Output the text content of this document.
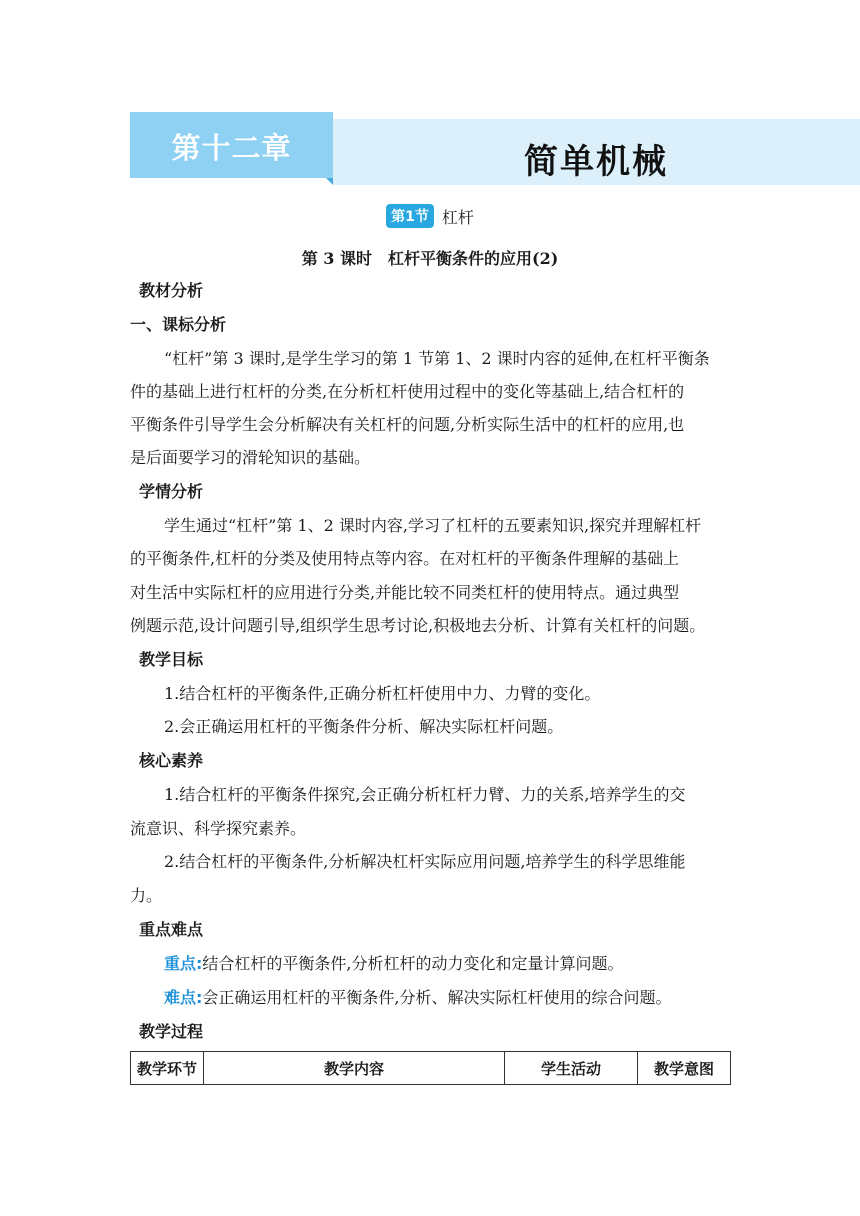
第十二章	简单机械
第1节 杠杆
第 3 课时　杠杆平衡条件的应用(2)
教材分析
一、课标分析
“杠杆”第 3 课时,是学生学习的第 1 节第 1、2 课时内容的延伸,在杠杆平衡条
件的基础上进行杠杆的分类,在分析杠杆使用过程中的变化等基础上,结合杠杆的
平衡条件引导学生会分析解决有关杠杆的问题,分析实际生活中的杠杆的应用,也
是后面要学习的滑轮知识的基础。
学情分析
学生通过“杠杆”第 1、2 课时内容,学习了杠杆的五要素知识,探究并理解杠杆
的平衡条件,杠杆的分类及使用特点等内容。在对杠杆的平衡条件理解的基础上
对生活中实际杠杆的应用进行分类,并能比较不同类杠杆的使用特点。通过典型
例题示范,设计问题引导,组织学生思考讨论,积极地去分析、计算有关杠杆的问题。
教学目标
1.结合杠杆的平衡条件,正确分析杠杆使用中力、力臂的变化。
2.会正确运用杠杆的平衡条件分析、解决实际杠杆问题。
核心素养
1.结合杠杆的平衡条件探究,会正确分析杠杆力臂、力的关系,培养学生的交
流意识、科学探究素养。
2.结合杠杆的平衡条件,分析解决杠杆实际应用问题,培养学生的科学思维能
力。
重点难点
重点:结合杠杆的平衡条件,分析杠杆的动力变化和定量计算问题。
难点:会正确运用杠杆的平衡条件,分析、解决实际杠杆使用的综合问题。
教学过程
教学环节	教学内容	学生活动	教学意图
